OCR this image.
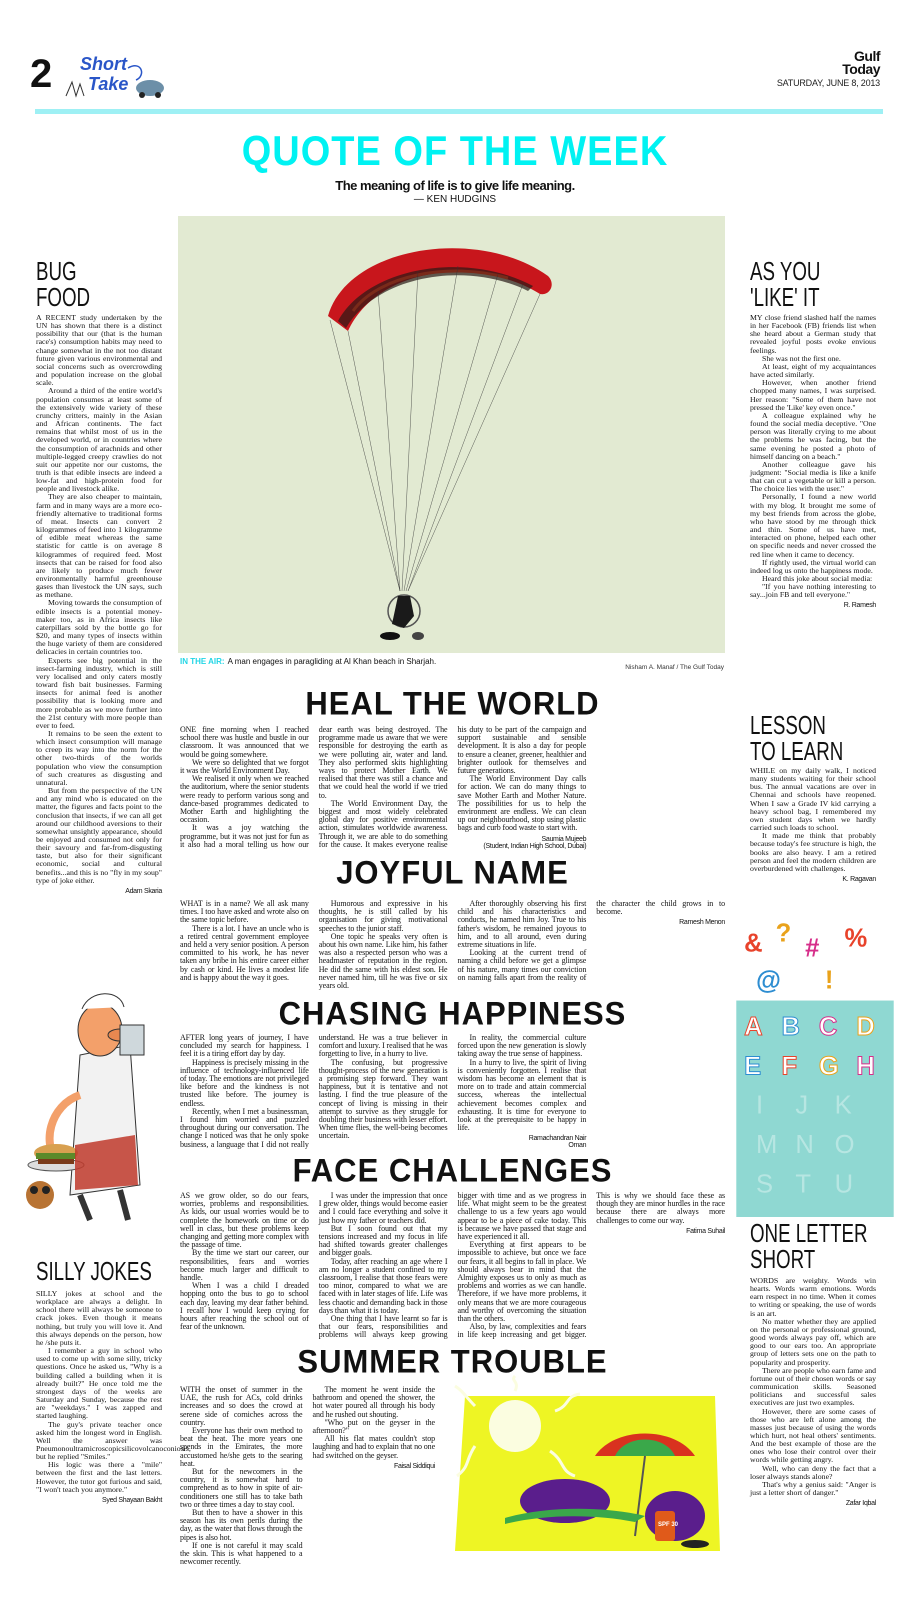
2 Short
Take
Gulf
Today
SATURDAY, JUNE 8, 2013
QUOTE OF THE WEEK
The meaning of life is to give life meaning.
— KEN HUDGINS
IN THE AIR: A man engages in paragliding at Al Khan beach in Sharjah.
Nisham A. Manaf / The Gulf Today
BUG
FOOD

A RECENT study undertaken by the UN has shown that there is a distinct possibility that our (that is the human race's) consumption habits may need to change somewhat in the not too distant future given various environmental and social concerns such as overcrowding and population increase on the global scale.

Around a third of the entire world's population consumes at least some of the extensively wide variety of these crunchy critters, mainly in the Asian and African continents. The fact remains that whilst most of us in the developed world, or in countries where the consumption of arachnids and other multiple-legged creepy crawlies do not suit our appetite nor our customs, the truth is that edible insects are indeed a low-fat and high-protein food for people and livestock alike.

They are also cheaper to maintain, farm and in many ways are a more eco-friendly alternative to traditional forms of meat. Insects can convert 2 kilogrammes of feed into 1 kilogramme of edible meat whereas the same statistic for cattle is on average 8 kilogrammes of required feed. Most insects that can be raised for food also are likely to produce much fewer environmentally harmful greenhouse gases than livestock the UN says, such as methane.

Moving towards the consumption of edible insects is a potential money-maker too, as in Africa insects like caterpillars sold by the bottle go for $20, and many types of insects within the huge variety of them are considered delicacies in certain countries too.

Experts see big potential in the insect-farming industry, which is still very localised and only caters mostly toward fish bait businesses. Farming insects for animal feed is another possibility that is looking more and more probable as we move further into the 21st century with more people than ever to feed.

It remains to be seen the extent to which insect consumption will manage to creep its way into the norm for the other two-thirds of the worlds population who view the consumption of such creatures as disgusting and unnatural.

But from the perspective of the UN and any mind who is educated on the matter, the figures and facts point to the conclusion that insects, if we can all get around our childhood aversions to their somewhat unsightly appearance, should be enjoyed and consumed not only for their savoury and far-from-disgusting taste, but also for their significant economic, social and cultural benefits...and this is no "fly in my soup" type of joke either.

Adam Skaria
SILLY JOKES

SILLY jokes at school and the workplace are always a delight. In school there will always be someone to crack jokes. Even though it means nothing, but truly you will love it. And this always depends on the person, how he /she puts it.

I remember a guy in school who used to come up with some silly, tricky questions. Once he asked us, "Why is a building called a building when it is already built?" He once told me the strongest days of the weeks are Saturday and Sunday, because the rest are "weekdays." I was zapped and started laughing.

The guy's private teacher once asked him the longest word in English. Well the answer was Pneumonoultramicroscopicsilicovolcanoconiosis, but he replied "Smiles."

His logic was there a "mile" between the first and the last letters. However, the tutor got furious and said, "I won't teach you anymore."

Syed Shayaan Bakht
AS YOU
'LIKE' IT

MY close friend slashed half the names in her Facebook (FB) friends list when she heard about a German study that revealed joyful posts evoke envious feelings.

She was not the first one.

At least, eight of my acquaintances have acted similarly.

However, when another friend chopped many names, I was surprised. Her reason: "Some of them have not pressed the 'Like' key even once."

A colleague explained why he found the social media deceptive. "One person was literally crying to me about the problems he was facing, but the same evening he posted a photo of himself dancing on a beach."

Another colleague gave his judgment: "Social media is like a knife that can cut a vegetable or kill a person. The choice lies with the user."

Personally, I found a new world with my blog. It brought me some of my best friends from across the globe, who have stood by me through thick and thin. Some of us have met, interacted on phone, helped each other on specific needs and never crossed the red line when it came to decency.

If rightly used, the virtual world can indeed log us onto the happiness mode.

Heard this joke about social media:

"If you have nothing interesting to say...join FB and tell everyone."

R. Ramesh
LESSON
TO LEARN

WHILE on my daily walk, I noticed many students waiting for their school bus. The annual vacations are over in Chennai and schools have reopened. When I saw a Grade IV kid carrying a heavy school bag, I remembered my own student days when we hardly carried such loads to school.

It made me think that probably because today's fee structure is high, the books are also heavy. I am a retired person and feel the modern children are overburdened with challenges.

K. Ragavan
& ?
# %
@ !
A B C D
E F G H
I J K
M N O
S T U
ONE LETTER
SHORT

WORDS are weighty. Words win hearts. Words warm emotions. Words earn respect in no time. When it comes to writing or speaking, the use of words is an art.

No matter whether they are applied on the personal or professional ground, good words always pay off, which are good to our ears too. An appropriate group of letters sets one on the path to popularity and prosperity.

There are people who earn fame and fortune out of their chosen words or say communication skills. Seasoned politicians and successful sales executives are just two examples.

However, there are some cases of those who are left alone among the masses just because of using the words which hurt, not heal others' sentiments. And the best example of those are the ones who lose their control over their words while getting angry.

Well, who can deny the fact that a loser always stands alone?

That's why a genius said: "Anger is just a letter short of danger."

Zafar Iqbal
HEAL THE WORLD

ONE fine morning when I reached school there was hustle and bustle in our classroom. It was announced that we would be going somewhere.

We were so delighted that we forgot it was the World Environment Day.

We realised it only when we reached the auditorium, where the senior students were ready to perform various song and dance-based programmes dedicated to Mother Earth and highlighting the occasion.

It was a joy watching the programme, but it was not just for fun as it also had a moral telling us how our dear earth was being destroyed. The programme made us aware that we were responsible for destroying the earth as we were polluting air, water and land. They also performed skits highlighting ways to protect Mother Earth. We realised that there was still a chance and that we could heal the world if we tried to.

The World Environment Day, the biggest and most widely celebrated global day for positive environmental action, stimulates worldwide awareness. Through it, we are able to do something for the cause. It makes everyone realise his duty to be part of the campaign and support sustainable and sensible development. It is also a day for people to ensure a cleaner, greener, healthier and brighter outlook for themselves and future generations.

The World Environment Day calls for action. We can do many things to save Mother Earth and Mother Nature. The possibilities for us to help the environment are endless. We can clean up our neighbourhood, stop using plastic bags and curb food waste to start with.

Saumia Mujeeb
(Student, Indian High School, Dubai)
JOYFUL NAME

WHAT is in a name? We all ask many times. I too have asked and wrote also on the same topic before.

There is a lot. I have an uncle who is a retired central government employee and held a very senior position. A person committed to his work, he has never taken any bribe in his entire career either by cash or kind. He lives a modest life and is happy about the way it goes.

Humorous and expressive in his thoughts, he is still called by his organisation for giving motivational speeches to the junior staff.

One topic he speaks very often is about his own name. Like him, his father was also a respected person who was a headmaster of reputation in the region. He did the same with his eldest son. He never named him, till he was five or six years old.

After thoroughly observing his first child and his characteristics and conducts, he named him Joy. True to his father's wisdom, he remained joyous to him, and to all around, even during extreme situations in life.

Looking at the current trend of naming a child before we get a glimpse of his nature, many times our conviction on naming falls apart from the reality of the character the child grows in to become.

Ramesh Menon
CHASING HAPPINESS

AFTER long years of journey, I have concluded my search for happiness. I feel it is a tiring effort day by day.

Happiness is precisely missing in the influence of technology-influenced life of today. The emotions are not privileged like before and the kindness is not trusted like before. The journey is endless.

Recently, when I met a businessman, I found him worried and puzzled throughout during our conversation. The change I noticed was that he only spoke business, a language that I did not really understand. He was a true believer in comfort and luxury. I realised that he was forgetting to live, in a hurry to live.

The confusing, but progressive thought-process of the new generation is a promising step forward. They want happiness, but it is tentative and not lasting. I find the true pleasure of the concept of living is missing in their attempt to survive as they struggle for doubling their business with lesser effort. When time flies, the well-being becomes uncertain.

In reality, the commercial culture forced upon the new generation is slowly taking away the true sense of happiness.

In a hurry to live, the spirit of living is conveniently forgotten. I realise that wisdom has become an element that is more on to trade and attain commercial success, whereas the intellectual achievement becomes complex and exhausting. It is time for everyone to look at the prerequisite to be happy in life.

Ramachandran Nair
Oman
FACE CHALLENGES

AS we grow older, so do our fears, worries, problems and responsibilities. As kids, our usual worries would be to complete the homework on time or do well in class, but these problems keep changing and getting more complex with the passage of time.

By the time we start our career, our responsibilities, fears and worries become much larger and difficult to handle.

When I was a child I dreaded hopping onto the bus to go to school each day, leaving my dear father behind. I recall how I would keep crying for hours after reaching the school out of fear of the unknown.

I was under the impression that once I grew older, things would become easier and I could face everything and solve it just how my father or teachers did.

But I soon found out that my tensions increased and my focus in life had shifted towards greater challenges and bigger goals.

Today, after reaching an age where I am no longer a student confined to my classroom, I realise that those fears were too minor, compared to what we are faced with in later stages of life. Life was less chaotic and demanding back in those days than what it is today.

One thing that I have learnt so far is that our fears, responsibilities and problems will always keep growing bigger with time and as we progress in life. What might seem to be the greatest challenge to us a few years ago would appear to be a piece of cake today. This is because we have passed that stage and have experienced it all.

Everything at first appears to be impossible to achieve, but once we face our fears, it all begins to fall in place. We should always bear in mind that the Almighty exposes us to only as much as problems and worries as we can handle. Therefore, if we have more problems, it only means that we are more courageous and worthy of overcoming the situation than the others.

Also, by law, complexities and fears in life keep increasing and get bigger. This is why we should face these as though they are minor hurdles in the race because there are always more challenges to come our way.

Fatima Suhail
SUMMER TROUBLE

WITH the onset of summer in the UAE, the rush for ACs, cold drinks increases and so does the crowd at serene side of corniches across the country.

Everyone has their own method to beat the heat. The more years one spends in the Emirates, the more accustomed he/she gets to the searing heat.

But for the newcomers in the country, it is somewhat hard to comprehend as to how in spite of air-conditioners one still has to take bath two or three times a day to stay cool.

But then to have a shower in this season has its own perils during the day, as the water that flows through the pipes is also hot.

If one is not careful it may scald the skin. This is what happened to a newcomer recently.

The moment he went inside the bathroom and opened the shower, the hot water poured all through his body and he rushed out shouting.

"Who put on the geyser in the afternoon?"

All his flat mates couldn't stop laughing and had to explain that no one had switched on the geyser.

Faisal Siddiqui
SPF 30
